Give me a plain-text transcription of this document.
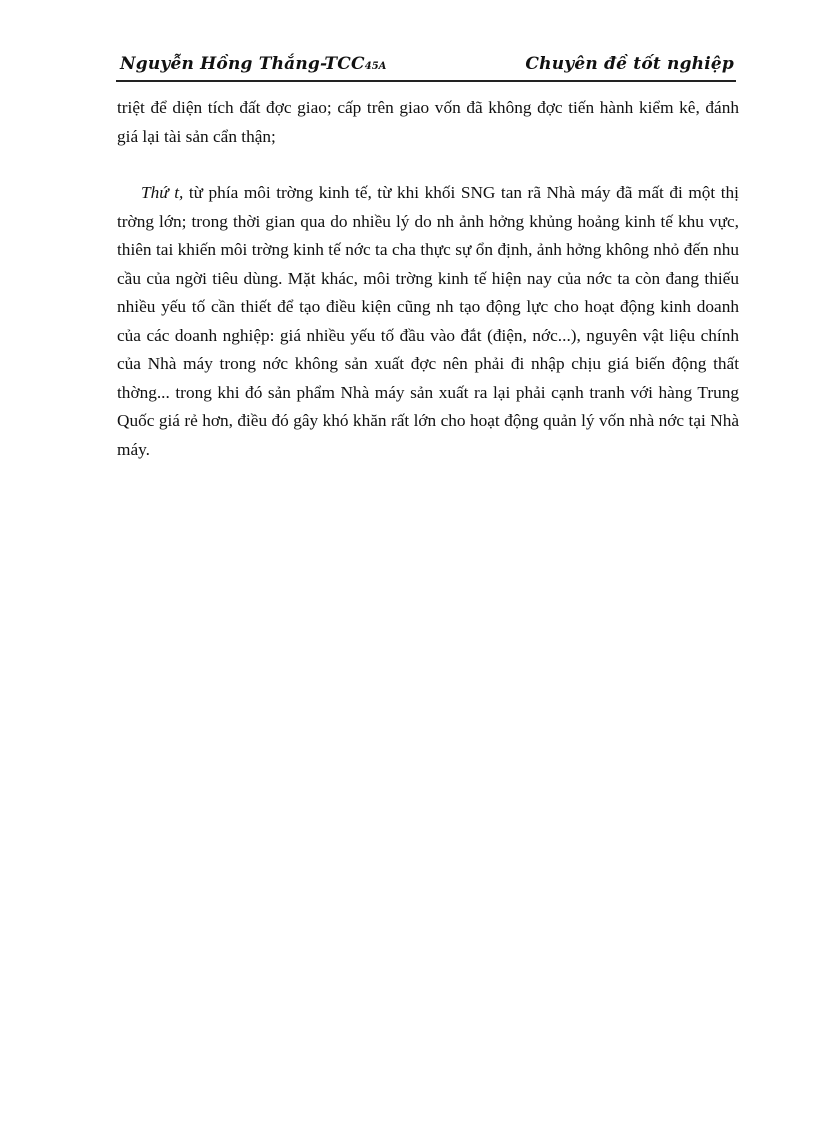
Nguyễn Hồng Thắng-TCC45A	Chuyên đề tốt nghiệp

triệt để diện tích đất đợc giao; cấp trên giao vốn đã không đợc tiến hành kiểm kê, đánh giá lại tài sản cẩn thận;

Thứ t, từ phía môi trờng kinh tế, từ khi khối SNG tan rã Nhà máy đã mất đi một thị trờng lớn; trong thời gian qua do nhiều lý do nh ảnh hởng khủng hoảng kinh tế khu vực, thiên tai khiến môi trờng kinh tế nớc ta cha thực sự ổn định, ảnh hởng không nhỏ đến nhu cầu của ngời tiêu dùng. Mặt khác, môi trờng kinh tế hiện nay của nớc ta còn đang thiếu nhiều yếu tố cần thiết để tạo điều kiện cũng nh tạo động lực cho hoạt động kinh doanh của các doanh nghiệp: giá nhiều yếu tố đầu vào đắt (điện, nớc...), nguyên vật liệu chính của Nhà máy trong nớc không sản xuất đợc nên phải đi nhập chịu giá biến động thất thờng... trong khi đó sản phẩm Nhà máy sản xuất ra lại phải cạnh tranh với hàng Trung Quốc giá rẻ hơn, điều đó gây khó khăn rất lớn cho hoạt động quản lý vốn nhà nớc tại Nhà máy.
